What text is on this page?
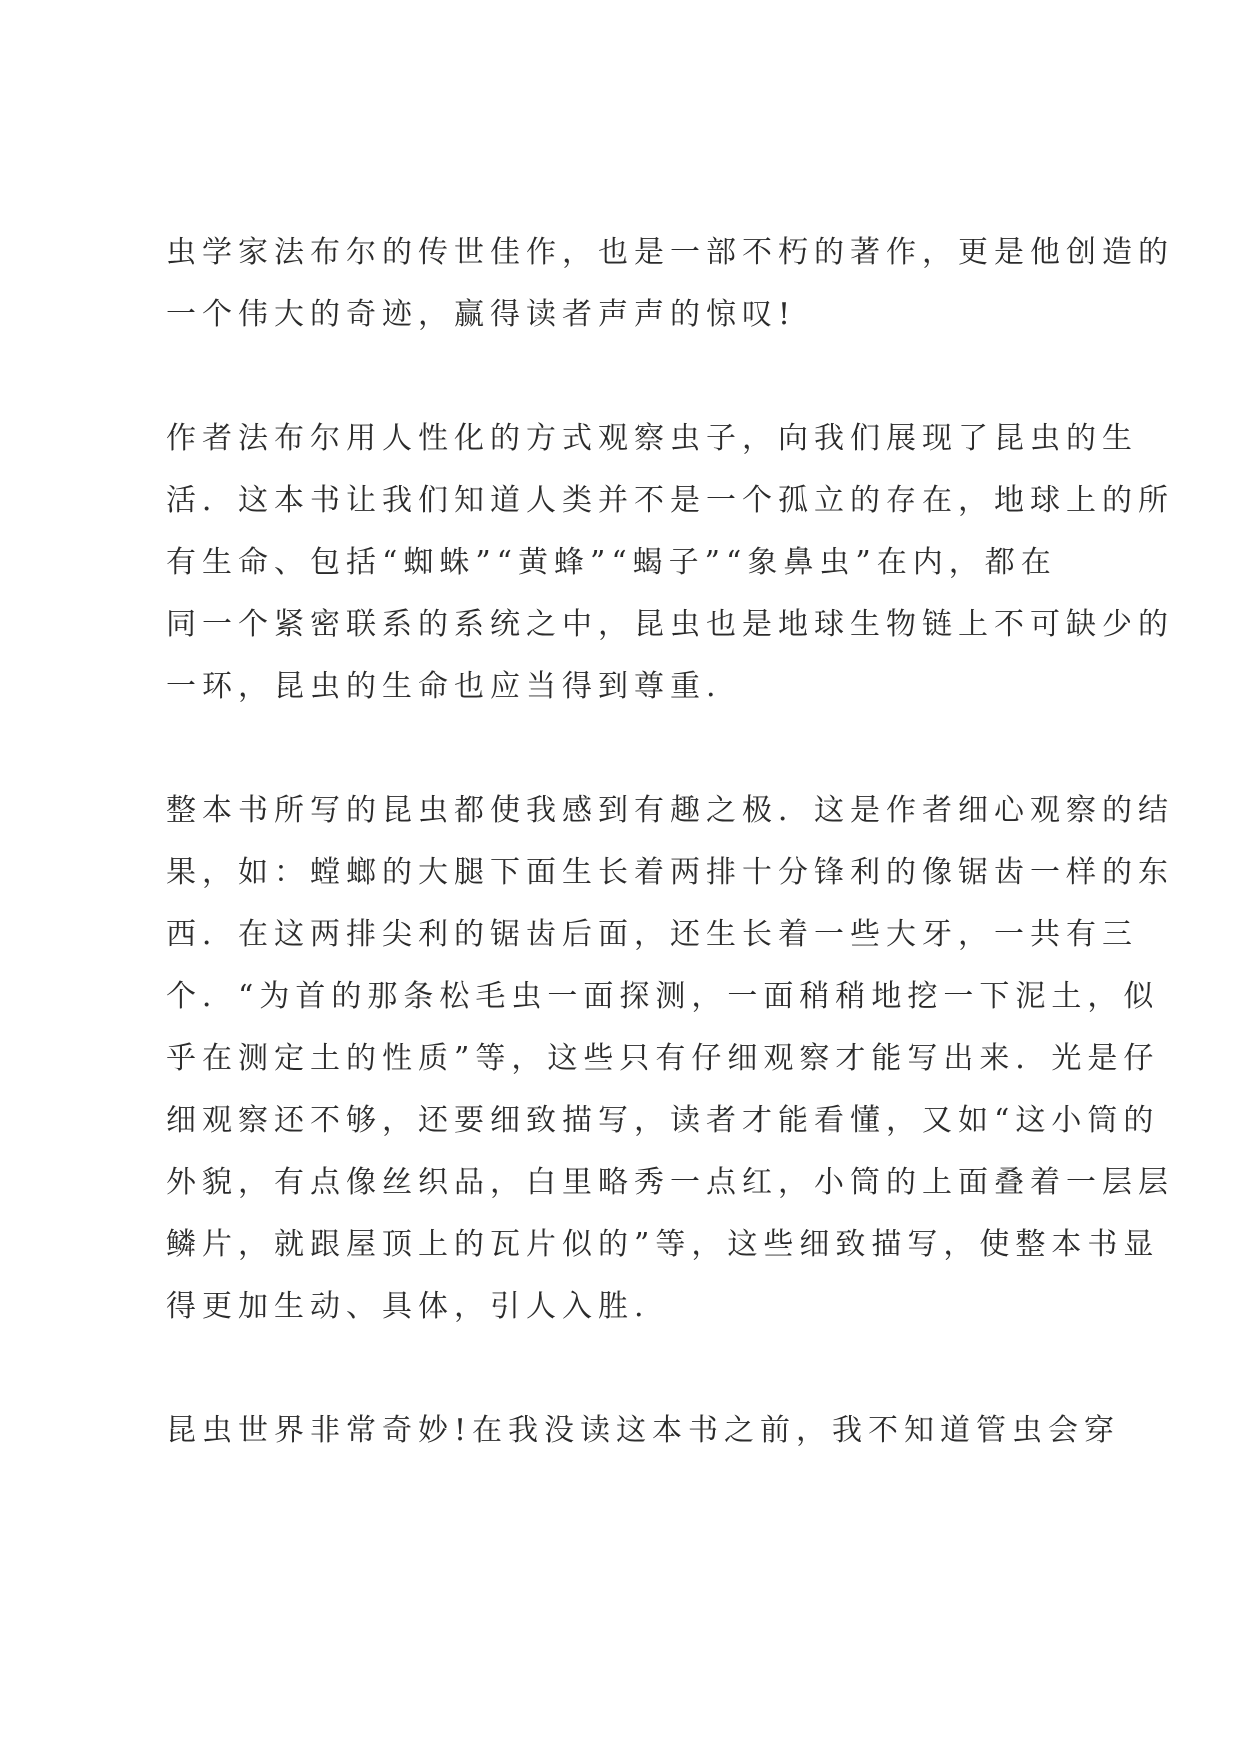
虫学家法布尔的传世佳作，也是一部不朽的著作，更是他创造的
一个伟大的奇迹，赢得读者声声的惊叹!

作者法布尔用人性化的方式观察虫子，向我们展现了昆虫的生
活．这本书让我们知道人类并不是一个孤立的存在，地球上的所
有生命、包括“蜘蛛”“黄蜂”“蝎子”“象鼻虫”在内，都在
同一个紧密联系的系统之中，昆虫也是地球生物链上不可缺少的
一环，昆虫的生命也应当得到尊重.

整本书所写的昆虫都使我感到有趣之极．这是作者细心观察的结
果，如：螳螂的大腿下面生长着两排十分锋利的像锯齿一样的东
西．在这两排尖利的锯齿后面，还生长着一些大牙，一共有三
个．“为首的那条松毛虫一面探测，一面稍稍地挖一下泥土，似
乎在测定土的性质”等，这些只有仔细观察才能写出来．光是仔
细观察还不够，还要细致描写，读者才能看懂，又如“这小筒的
外貌，有点像丝织品，白里略秀一点红，小筒的上面叠着一层层
鳞片，就跟屋顶上的瓦片似的”等，这些细致描写，使整本书显
得更加生动、具体，引人入胜.

昆虫世界非常奇妙!在我没读这本书之前，我不知道管虫会穿
